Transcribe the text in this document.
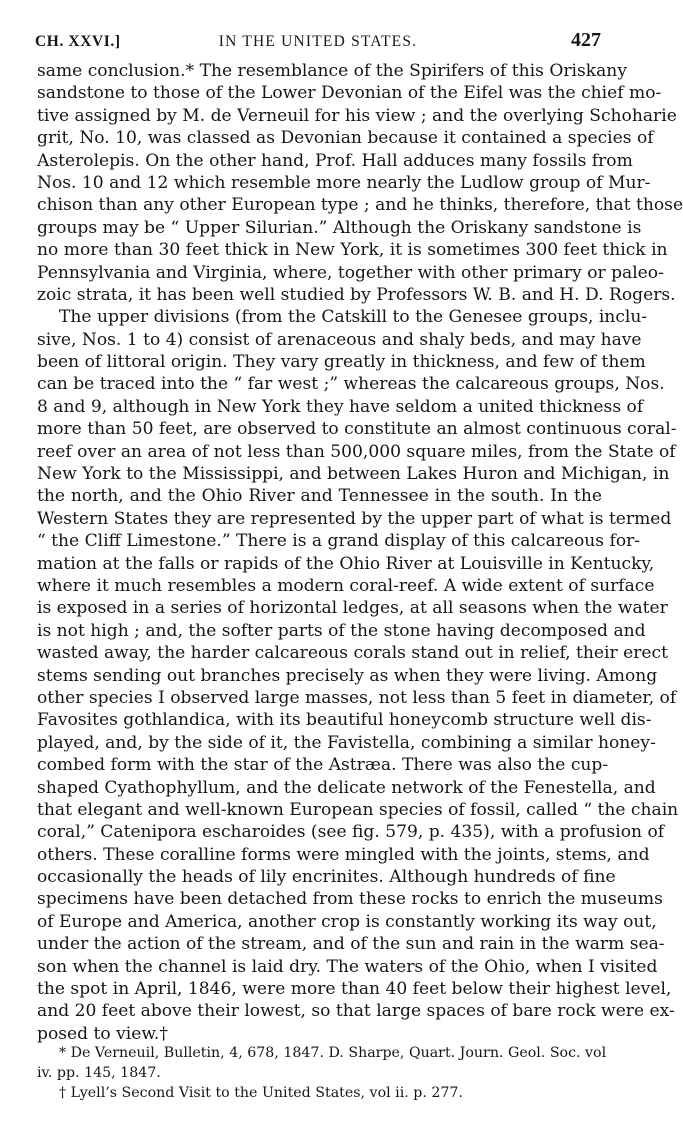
CH. XXVI.]	IN THE UNITED STATES.	427
same conclusion.* The resemblance of the Spirifers of this Oriskany
sandstone to those of the Lower Devonian of the Eifel was the chief mo-
tive assigned by M. de Verneuil for his view ; and the overlying Schoharie
grit, No. 10, was classed as Devonian because it contained a species of
Asterolepis. On the other hand, Prof. Hall adduces many fossils from
Nos. 10 and 12 which resemble more nearly the Ludlow group of Mur-
chison than any other European type ; and he thinks, therefore, that those
groups may be “ Upper Silurian.” Although the Oriskany sandstone is
no more than 30 feet thick in New York, it is sometimes 300 feet thick in
Pennsylvania and Virginia, where, together with other primary or paleo-
zoic strata, it has been well studied by Professors W. B. and H. D. Rogers.
The upper divisions (from the Catskill to the Genesee groups, inclu-
sive, Nos. 1 to 4) consist of arenaceous and shaly beds, and may have
been of littoral origin. They vary greatly in thickness, and few of them
can be traced into the “ far west ;” whereas the calcareous groups, Nos.
8 and 9, although in New York they have seldom a united thickness of
more than 50 feet, are observed to constitute an almost continuous coral-
reef over an area of not less than 500,000 square miles, from the State of
New York to the Mississippi, and between Lakes Huron and Michigan, in
the north, and the Ohio River and Tennessee in the south. In the
Western States they are represented by the upper part of what is termed
“ the Cliff Limestone.” There is a grand display of this calcareous for-
mation at the falls or rapids of the Ohio River at Louisville in Kentucky,
where it much resembles a modern coral-reef. A wide extent of surface
is exposed in a series of horizontal ledges, at all seasons when the water
is not high ; and, the softer parts of the stone having decomposed and
wasted away, the harder calcareous corals stand out in relief, their erect
stems sending out branches precisely as when they were living. Among
other species I observed large masses, not less than 5 feet in diameter, of
Favosites gothlandica, with its beautiful honeycomb structure well dis-
played, and, by the side of it, the Favistella, combining a similar honey-
combed form with the star of the Astræa. There was also the cup-
shaped Cyathophyllum, and the delicate network of the Fenestella, and
that elegant and well-known European species of fossil, called “ the chain
coral,” Catenipora escharoides (see fig. 579, p. 435), with a profusion of
others. These coralline forms were mingled with the joints, stems, and
occasionally the heads of lily encrinites. Although hundreds of fine
specimens have been detached from these rocks to enrich the museums
of Europe and America, another crop is constantly working its way out,
under the action of the stream, and of the sun and rain in the warm sea-
son when the channel is laid dry. The waters of the Ohio, when I visited
the spot in April, 1846, were more than 40 feet below their highest level,
and 20 feet above their lowest, so that large spaces of bare rock were ex-
posed to view.†
* De Verneuil, Bulletin, 4, 678, 1847. D. Sharpe, Quart. Journ. Geol. Soc. vol
iv. pp. 145, 1847.
† Lyell’s Second Visit to the United States, vol ii. p. 277.
